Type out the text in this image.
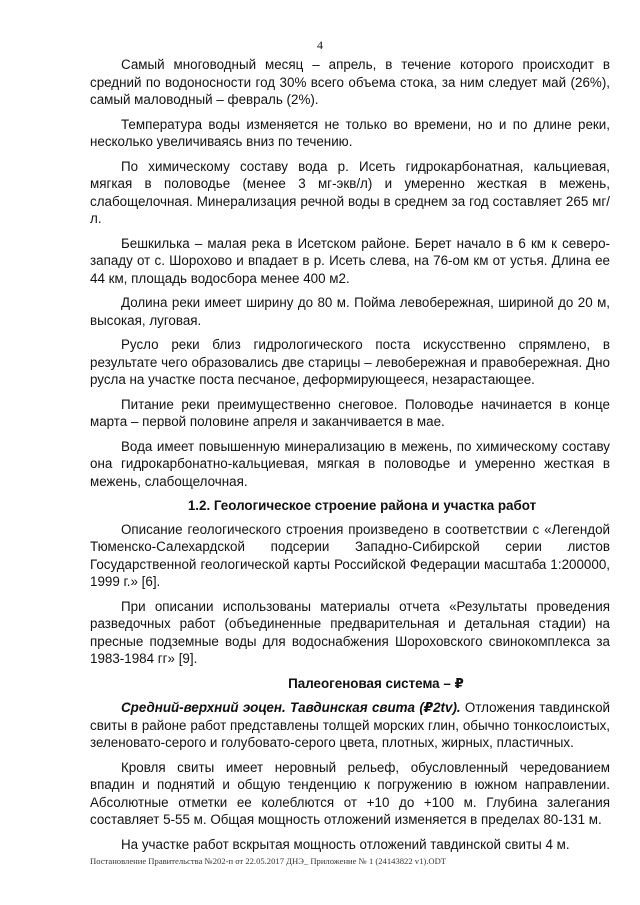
4

Самый многоводный месяц – апрель, в течение которого происходит в средний по водоносности год 30% всего объема стока, за ним следует май (26%), самый маловодный – февраль (2%).

Температура воды изменяется не только во времени, но и по длине реки, несколько увеличиваясь вниз по течению.

По химическому составу вода р. Исеть гидрокарбонатная, кальциевая, мягкая в половодье (менее 3 мг-экв/л) и умеренно жесткая в межень, слабощелочная. Минерализация речной воды в среднем за год составляет 265 мг/л.

Бешкилька – малая река в Исетском районе. Берет начало в 6 км к северо-западу от с. Шорохово и впадает в р. Исеть слева, на 76-ом км от устья. Длина ее 44 км, площадь водосбора менее 400 м2.

Долина реки имеет ширину до 80 м. Пойма левобережная, шириной до 20 м, высокая, луговая.

Русло реки близ гидрологического поста искусственно спрямлено, в результате чего образовались две старицы – левобережная и правобережная. Дно русла на участке поста песчаное, деформирующееся, незарастающее.

Питание реки преимущественно снеговое. Половодье начинается в конце марта – первой половине апреля и заканчивается в мае.

Вода имеет повышенную минерализацию в межень, по химическому составу она гидрокарбонатно-кальциевая, мягкая в половодье и умеренно жесткая в межень, слабощелочная.

1.2. Геологическое строение района и участка работ

Описание геологического строения произведено в соответствии с «Легендой Тюменско-Салехардской подсерии Западно-Сибирской серии листов Государственной геологической карты Российской Федерации масштаба 1:200000, 1999 г.» [6].

При описании использованы материалы отчета «Результаты проведения разведочных работ (объединенные предварительная и детальная стадии) на пресные подземные воды для водоснабжения Шороховского свинокомплекса за 1983-1984 гг» [9].

Палеогеновая система – ₽

Средний-верхний эоцен. Тавдинская свита (₽2tv). Отложения тавдинской свиты в районе работ представлены толщей морских глин, обычно тонкослоистых, зеленовато-серого и голубовато-серого цвета, плотных, жирных, пластичных.

Кровля свиты имеет неровный рельеф, обусловленный чередованием впадин и поднятий и общую тенденцию к погружению в южном направлении. Абсолютные отметки ее колеблются от +10 до +100 м. Глубина залегания составляет 5-55 м. Общая мощность отложений изменяется в пределах 80-131 м.

На участке работ вскрытая мощность отложений тавдинской свиты 4 м.

Постановление Правительства №202-п от 22.05.2017 ДНЭ_ Приложение № 1 (24143822 v1).ODT
